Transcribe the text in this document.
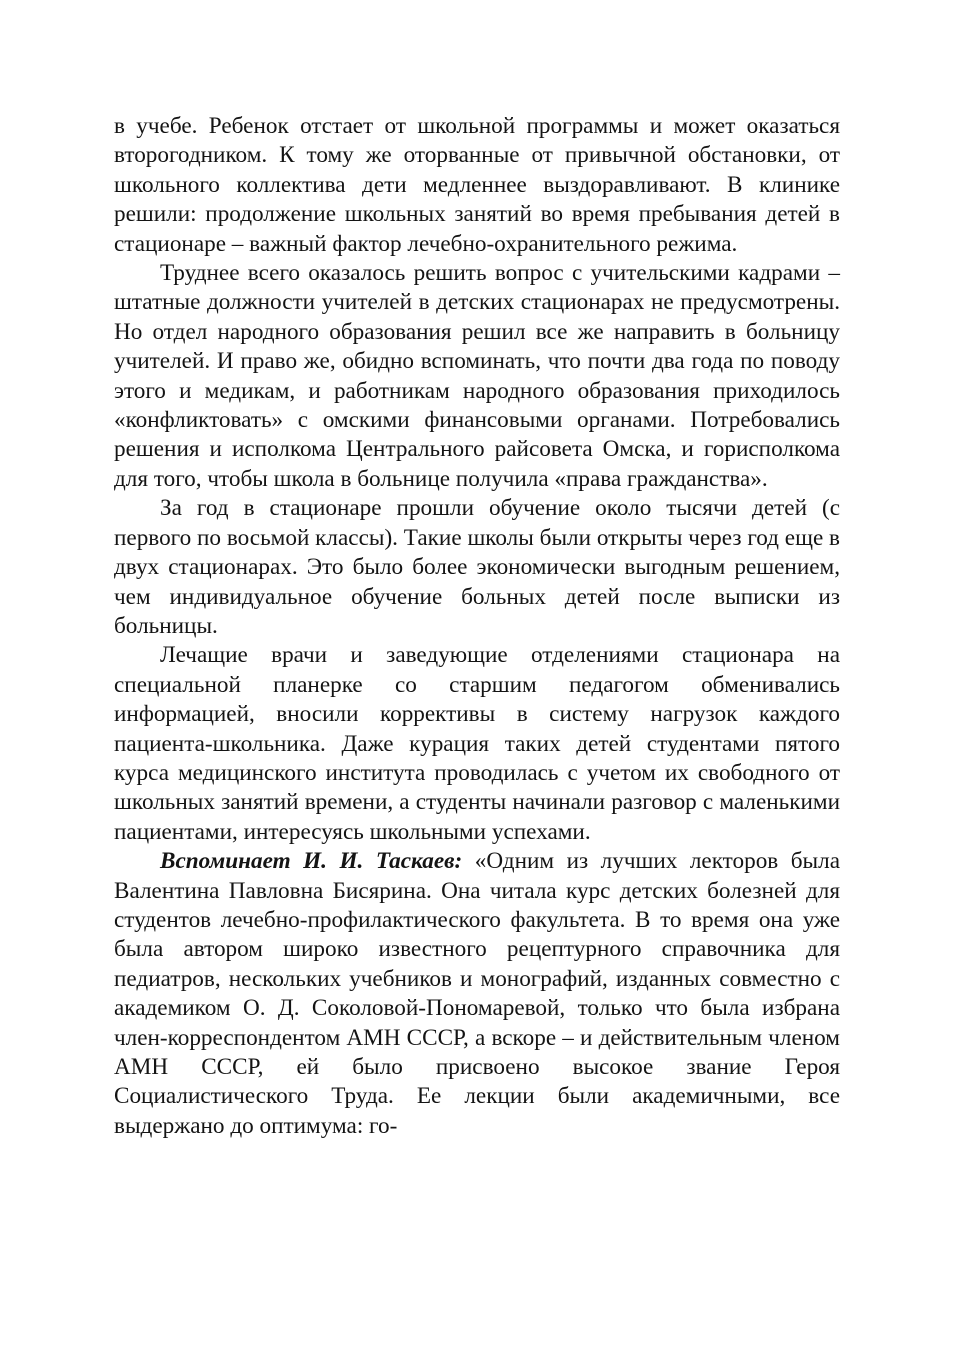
в учебе. Ребенок отстает от школьной программы и может оказаться второгодником. К тому же оторванные от привычной обстановки, от школьного коллектива дети медленнее выздоравливают. В клинике решили: продолжение школьных занятий во время пребывания детей в стационаре – важный фактор лечебно-охранительного режима.

Труднее всего оказалось решить вопрос с учительскими кадрами – штатные должности учителей в детских стационарах не предусмотрены. Но отдел народного образования решил все же направить в больницу учителей. И право же, обидно вспоминать, что почти два года по поводу этого и медикам, и работникам народного образования приходилось «конфликтовать» с омскими финансовыми органами. Потребовались решения и исполкома Центрального райсовета Омска, и горисполкома для того, чтобы школа в больнице получила «права гражданства».

За год в стационаре прошли обучение около тысячи детей (с первого по восьмой классы). Такие школы были открыты через год еще в двух стационарах. Это было более экономически выгодным решением, чем индивидуальное обучение больных детей после выписки из больницы.

Лечащие врачи и заведующие отделениями стационара на специальной планерке со старшим педагогом обменивались информацией, вносили коррективы в систему нагрузок каждого пациента-школьника. Даже курация таких детей студентами пятого курса медицинского института проводилась с учетом их свободного от школьных занятий времени, а студенты начинали разговор с маленькими пациентами, интересуясь школьными успехами.

Вспоминает И. И. Таскаев: «Одним из лучших лекторов была Валентина Павловна Бисярина. Она читала курс детских болезней для студентов лечебно-профилактического факультета. В то время она уже была автором широко известного рецептурного справочника для педиатров, нескольких учебников и монографий, изданных совместно с академиком О. Д. Соколовой-Пономаревой, только что была избрана член-корреспондентом АМН СССР, а вскоре – и действительным членом АМН СССР, ей было присвоено высокое звание Героя Социалистического Труда. Ее лекции были академичными, все выдержано до оптимума: го-
